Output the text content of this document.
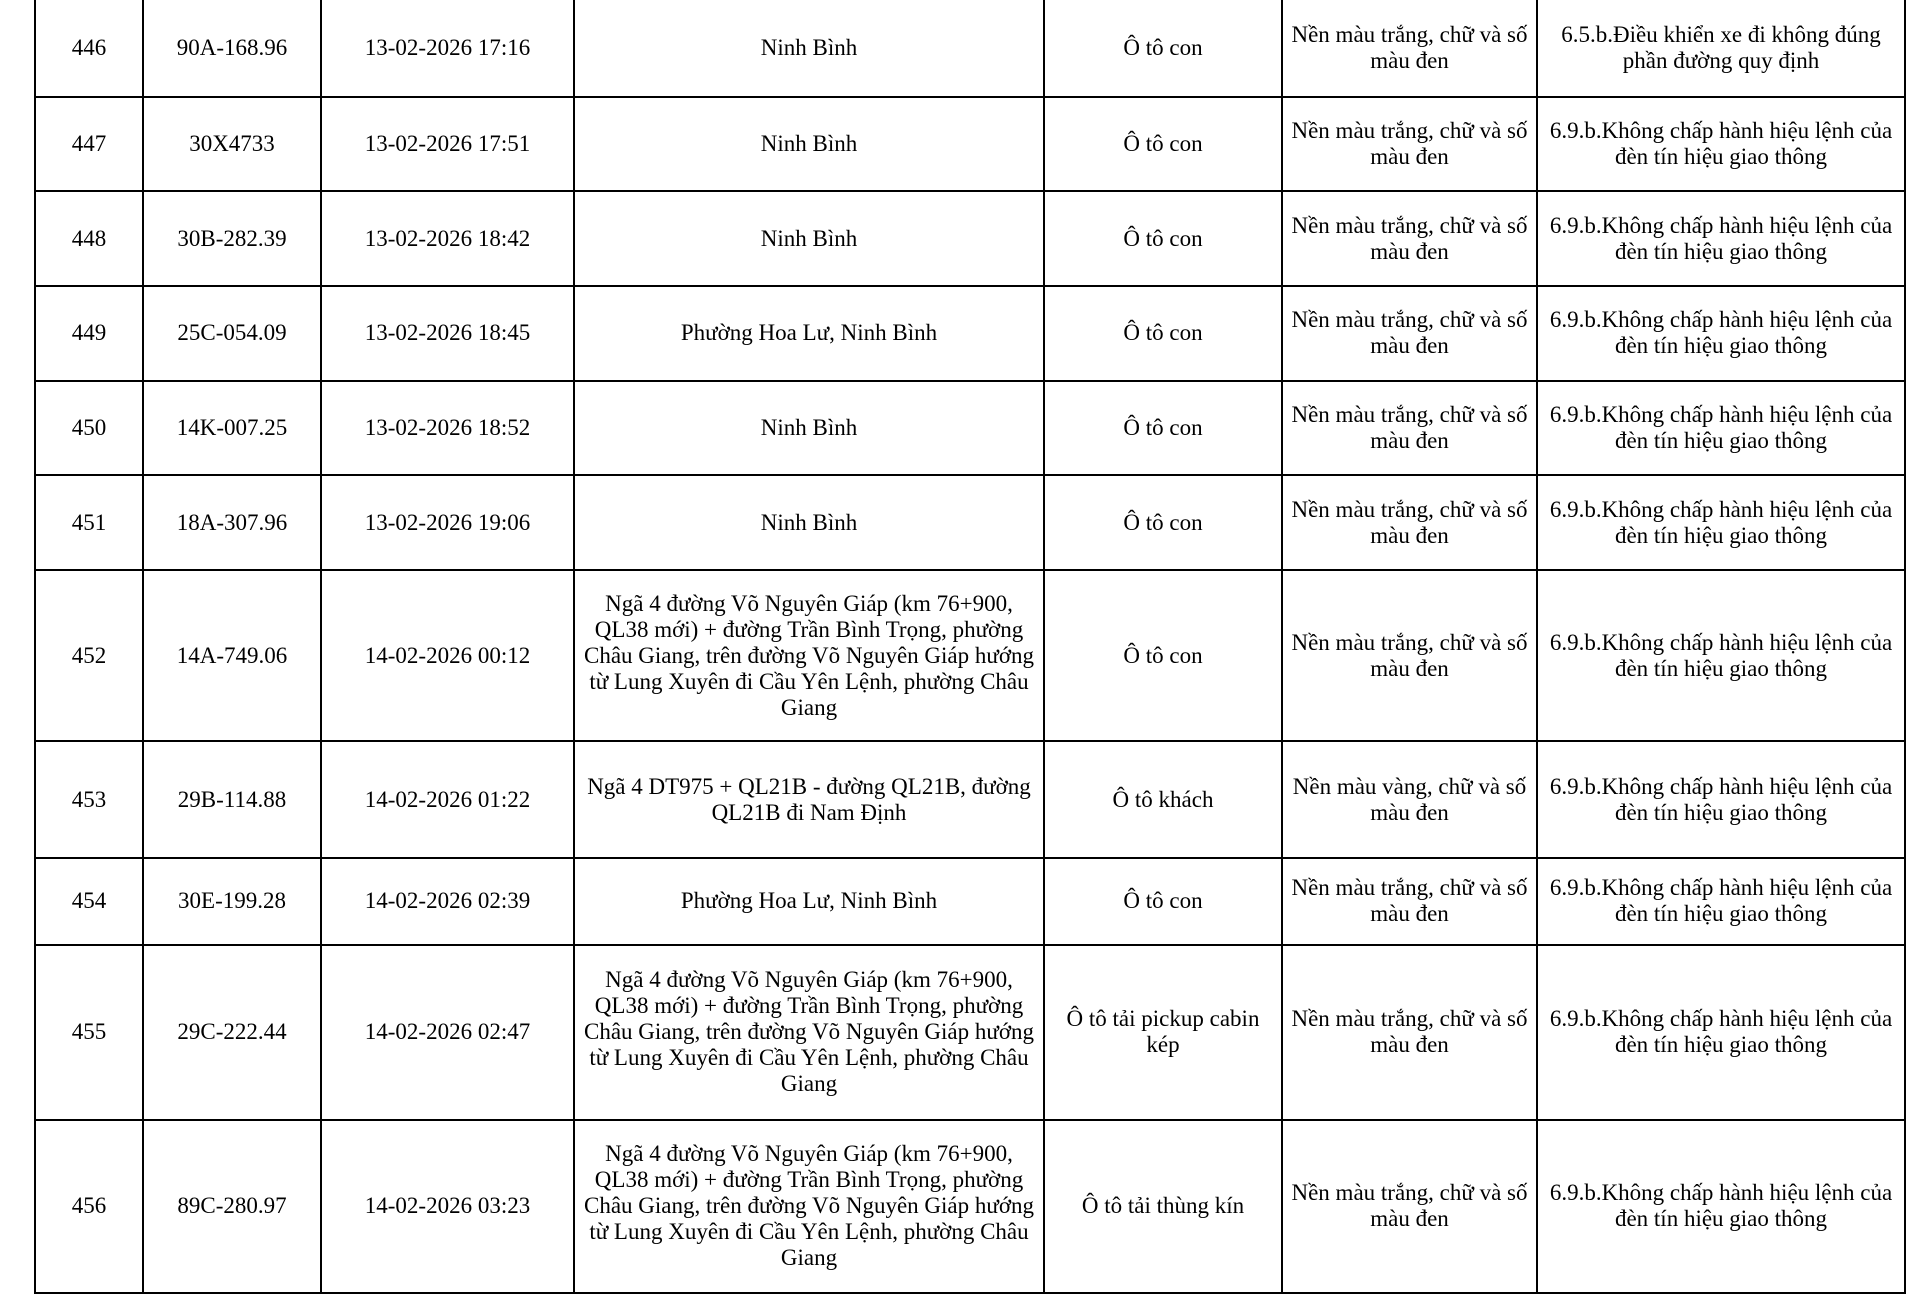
446	90A-168.96	13-02-2026 17:16	Ninh Bình	Ô tô con	Nền màu trắng, chữ và số màu đen	6.5.b.Điều khiển xe đi không đúng phần đường quy định
447	30X4733	13-02-2026 17:51	Ninh Bình	Ô tô con	Nền màu trắng, chữ và số màu đen	6.9.b.Không chấp hành hiệu lệnh của đèn tín hiệu giao thông
448	30B-282.39	13-02-2026 18:42	Ninh Bình	Ô tô con	Nền màu trắng, chữ và số màu đen	6.9.b.Không chấp hành hiệu lệnh của đèn tín hiệu giao thông
449	25C-054.09	13-02-2026 18:45	Phường Hoa Lư, Ninh Bình	Ô tô con	Nền màu trắng, chữ và số màu đen	6.9.b.Không chấp hành hiệu lệnh của đèn tín hiệu giao thông
450	14K-007.25	13-02-2026 18:52	Ninh Bình	Ô tô con	Nền màu trắng, chữ và số màu đen	6.9.b.Không chấp hành hiệu lệnh của đèn tín hiệu giao thông
451	18A-307.96	13-02-2026 19:06	Ninh Bình	Ô tô con	Nền màu trắng, chữ và số màu đen	6.9.b.Không chấp hành hiệu lệnh của đèn tín hiệu giao thông
452	14A-749.06	14-02-2026 00:12	Ngã 4 đường Võ Nguyên Giáp (km 76+900, QL38 mới) + đường Trần Bình Trọng, phường Châu Giang, trên đường Võ Nguyên Giáp hướng từ Lung Xuyên đi Cầu Yên Lệnh, phường Châu Giang	Ô tô con	Nền màu trắng, chữ và số màu đen	6.9.b.Không chấp hành hiệu lệnh của đèn tín hiệu giao thông
453	29B-114.88	14-02-2026 01:22	Ngã 4 DT975 + QL21B - đường QL21B, đường QL21B đi Nam Định	Ô tô khách	Nền màu vàng, chữ và số màu đen	6.9.b.Không chấp hành hiệu lệnh của đèn tín hiệu giao thông
454	30E-199.28	14-02-2026 02:39	Phường Hoa Lư, Ninh Bình	Ô tô con	Nền màu trắng, chữ và số màu đen	6.9.b.Không chấp hành hiệu lệnh của đèn tín hiệu giao thông
455	29C-222.44	14-02-2026 02:47	Ngã 4 đường Võ Nguyên Giáp (km 76+900, QL38 mới) + đường Trần Bình Trọng, phường Châu Giang, trên đường Võ Nguyên Giáp hướng từ Lung Xuyên đi Cầu Yên Lệnh, phường Châu Giang	Ô tô tải pickup cabin kép	Nền màu trắng, chữ và số màu đen	6.9.b.Không chấp hành hiệu lệnh của đèn tín hiệu giao thông
456	89C-280.97	14-02-2026 03:23	Ngã 4 đường Võ Nguyên Giáp (km 76+900, QL38 mới) + đường Trần Bình Trọng, phường Châu Giang, trên đường Võ Nguyên Giáp hướng từ Lung Xuyên đi Cầu Yên Lệnh, phường Châu Giang	Ô tô tải thùng kín	Nền màu trắng, chữ và số màu đen	6.9.b.Không chấp hành hiệu lệnh của đèn tín hiệu giao thông
